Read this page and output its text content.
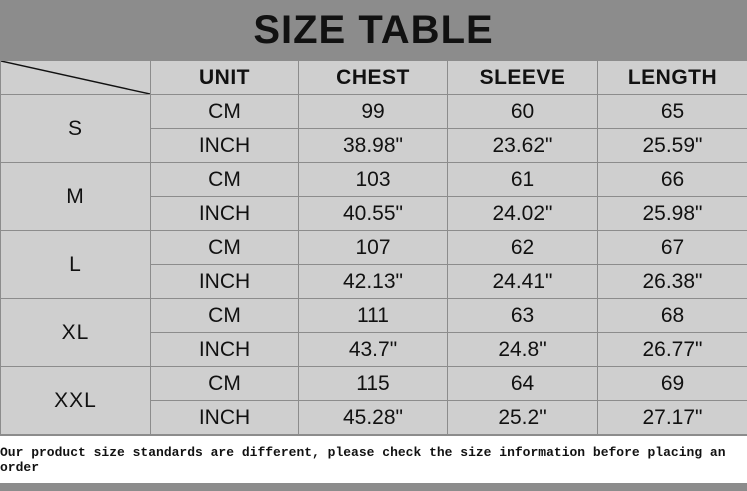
SIZE TABLE
	UNIT	CHEST	SLEEVE	LENGTH
S	CM	99	60	65
	INCH	38.98"	23.62"	25.59"
M	CM	103	61	66
	INCH	40.55"	24.02"	25.98"
L	CM	107	62	67
	INCH	42.13"	24.41"	26.38"
XL	CM	111	63	68
	INCH	43.7"	24.8"	26.77"
XXL	CM	115	64	69
	INCH	45.28"	25.2"	27.17"
Our product size standards are different, please check the size information before placing an order
